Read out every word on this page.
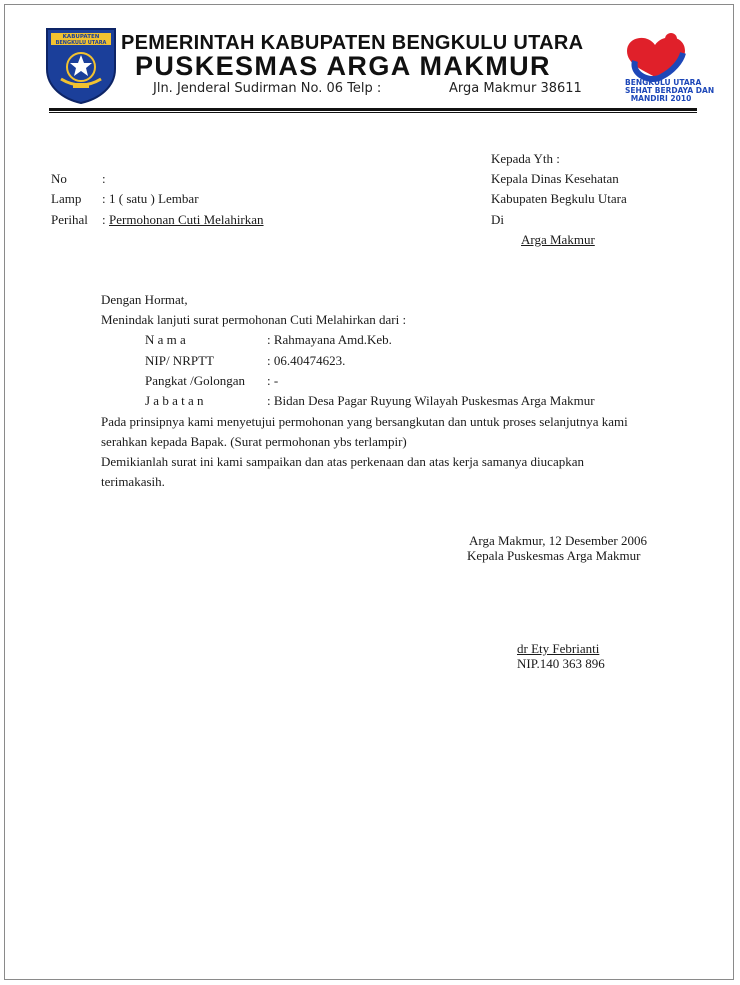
KABUPATEN
BENGKULU UTARA PEMERINTAH KABUPATEN BENGKULU UTARA
PUSKESMAS ARGA MAKMUR
Jln. Jenderal Sudirman No. 06 Telp :	Arga Makmur 38611	BENGKULU UTARA
SEHAT BERDAYA DAN
MANDIRI 2010
Kepada Yth :
Kepala Dinas Kesehatan
Kabupaten Begkulu Utara
Di
Arga Makmur
No	:
Lamp : 1 ( satu ) Lembar
Perihal : Permohonan Cuti Melahirkan
Dengan Hormat,
Menindak lanjuti surat permohonan Cuti Melahirkan dari :
N a m a	: Rahmayana Amd.Keb.
NIP/ NRPTT	: 06.40474623.
Pangkat /Golongan : -
J a b a t a n	: Bidan Desa Pagar Ruyung Wilayah Puskesmas Arga Makmur
Pada prinsipnya kami menyetujui permohonan yang bersangkutan dan untuk proses selanjutnya kami
serahkan kepada Bapak. (Surat permohonan ybs terlampir)
Demikianlah surat ini kami sampaikan dan atas perkenaan dan atas kerja samanya diucapkan
terimakasih.
Arga Makmur, 12 Desember 2006
Kepala Puskesmas Arga Makmur
dr Ety Febrianti
NIP.140 363 896
